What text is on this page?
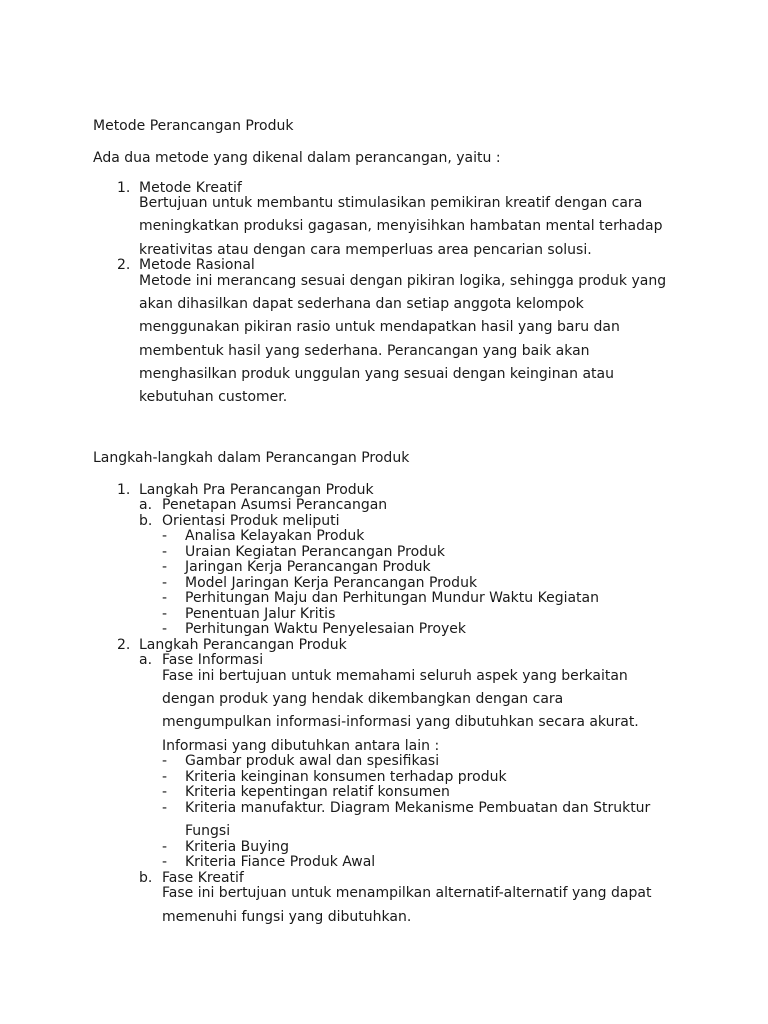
Metode Perancangan Produk
Ada dua metode yang dikenal dalam perancangan, yaitu :
1. Metode Kreatif
Bertujuan untuk membantu stimulasikan pemikiran kreatif dengan cara
meningkatkan produksi gagasan, menyisihkan hambatan mental terhadap
kreativitas atau dengan cara memperluas area pencarian solusi.
2. Metode Rasional
Metode ini merancang sesuai dengan pikiran logika, sehingga produk yang
akan dihasilkan dapat sederhana dan setiap anggota kelompok
menggunakan pikiran rasio untuk mendapatkan hasil yang baru dan
membentuk hasil yang sederhana. Perancangan yang baik akan
menghasilkan produk unggulan yang sesuai dengan keinginan atau
kebutuhan customer.
Langkah-langkah dalam Perancangan Produk
1. Langkah Pra Perancangan Produk
a. Penetapan Asumsi Perancangan
b. Orientasi Produk meliputi
- Analisa Kelayakan Produk
- Uraian Kegiatan Perancangan Produk
- Jaringan Kerja Perancangan Produk
- Model Jaringan Kerja Perancangan Produk
- Perhitungan Maju dan Perhitungan Mundur Waktu Kegiatan
- Penentuan Jalur Kritis
- Perhitungan Waktu Penyelesaian Proyek
2. Langkah Perancangan Produk
a. Fase Informasi
Fase ini bertujuan untuk memahami seluruh aspek yang berkaitan
dengan produk yang hendak dikembangkan dengan cara
mengumpulkan informasi-informasi yang dibutuhkan secara akurat.
Informasi yang dibutuhkan antara lain :
- Gambar produk awal dan spesifikasi
- Kriteria keinginan konsumen terhadap produk
- Kriteria kepentingan relatif konsumen
- Kriteria manufaktur. Diagram Mekanisme Pembuatan dan Struktur
Fungsi
- Kriteria Buying
- Kriteria Fiance Produk Awal
b. Fase Kreatif
Fase ini bertujuan untuk menampilkan alternatif-alternatif yang dapat
memenuhi fungsi yang dibutuhkan.
